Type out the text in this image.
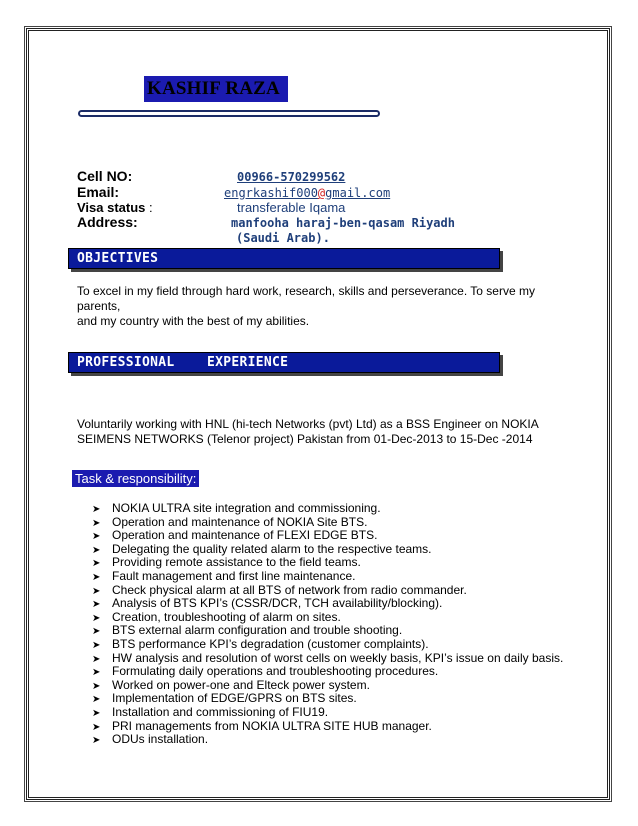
KASHIF RAZA
Cell NO:	00966-570299562
Email:	engrkashif000@gmail.com
Visa status :	transferable Iqama
Address:	manfooha haraj-ben-qasam Riyadh
(Saudi Arab).
OBJECTIVES
To excel in my field through hard work, research, skills and perseverance. To serve my parents,
and my country with the best of my abilities.
PROFESSIONAL    EXPERIENCE
Voluntarily working with HNL (hi-tech Networks (pvt) Ltd) as a BSS Engineer on NOKIA
SEIMENS NETWORKS (Telenor project) Pakistan from 01-Dec-2013 to 15-Dec -2014
Task & responsibility:
➤ NOKIA ULTRA site integration and commissioning.
➤ Operation and maintenance of NOKIA Site BTS.
➤ Operation and maintenance of FLEXI EDGE BTS.
➤ Delegating the quality related alarm to the respective teams.
➤ Providing remote assistance to the field teams.
➤ Fault management and first line maintenance.
➤ Check physical alarm at all BTS of network from radio commander.
➤ Analysis of BTS KPI’s (CSSR/DCR, TCH availability/blocking).
➤ Creation, troubleshooting of alarm on sites.
➤ BTS external alarm configuration and trouble shooting.
➤ BTS performance KPI’s degradation (customer complaints).
➤ HW analysis and resolution of worst cells on weekly basis, KPI’s issue on daily basis.
➤ Formulating daily operations and troubleshooting procedures.
➤ Worked on power-one and Elteck power system.
➤ Implementation of EDGE/GPRS on BTS sites.
➤ Installation and commissioning of FIU19.
➤ PRI managements from NOKIA ULTRA SITE HUB manager.
➤ ODUs installation.
